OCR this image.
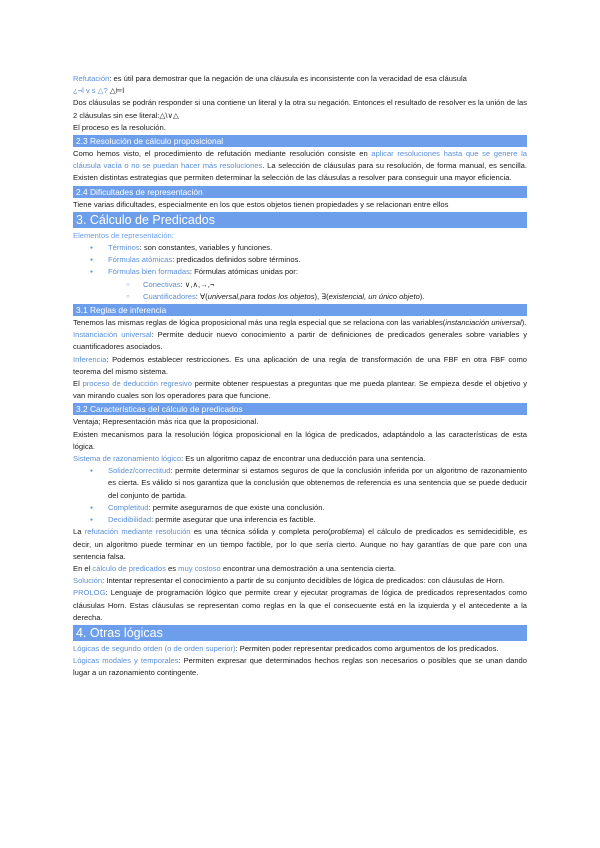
Refutación: es útil para demostrar que la negación de una cláusula es inconsistente con la veracidad de esa cláusula
¿¬l v s △? △⊨l

Dos cláusulas se podrán responder si una contiene un literal y la otra su negación. Entonces el resultado de resolver es la unión de las 2 cláusulas sin ese literal:△\∨△

El proceso es la resolución.

2.3 Resolución de cálculo proposicional

Como hemos visto, el procedimiento de refutación mediante resolución consiste en aplicar resoluciones hasta que se genere la cláusula vacía o no se puedan hacer más resoluciones. La selección de cláusulas para su resolución, de forma manual, es sencilla. Existen distintas estrategias que permiten determinar la selección de las cláusulas a resolver para conseguir una mayor eficiencia.

2.4 Dificultades de representación

Tiene varias dificultades, especialmente en los que estos objetos tienen propiedades y se relacionan entre ellos

3. Cálculo de Predicados

Elementos de representación:

● Términos: son constantes, variables y funciones.
● Fórmulas atómicas: predicados definidos sobre términos.
● Fórmulas bien formadas: Fórmulas atómicas unidas por:
○ Conectivas: ∨,∧,→,¬
○ Cuantificadores: ∀(universal,para todos los objetos), ∃(existencial, un único objeto).
3.1 Reglas de inferencia

Tenemos las mismas reglas de lógica proposicional más una regla especial que se relaciona con las variables(instanciación universal).

Instanciación universal: Permite deducir nuevo conocimiento a partir de definiciones de predicados generales sobre variables y cuantificadores asociados.

Inferencia: Podemos establecer restricciones. Es una aplicación de una regla de transformación de una FBF en otra FBF como teorema del mismo sistema.

El proceso de deducción regresivo permite obtener respuestas a preguntas que me pueda plantear. Se empieza desde el objetivo y van mirando cuales son los operadores para que funcione.

3.2 Características del cálculo de predicados

Ventaja; Representación más rica que la proposicional.

Existen mecanismos para la resolución lógica proposicional en la lógica de predicados, adaptándolo a las características de esta lógica.

Sistema de razonamiento lógico: Es un algoritmo capaz de encontrar una deducción para una sentencia.

● Solidez/correctitud: permite determinar si estamos seguros de que la conclusión inferida por un algoritmo de razonamiento es cierta. Es válido si nos garantiza que la conclusión que obtenemos de referencia es una sentencia que se puede deducir del conjunto de partida.
● Completitud: permite asegurarnos de que existe una conclusión.
● Decidibilidad: permite asegurar que una inferencia es factible.

La refutación mediante resolución es una técnica sólida y completa pero(problema) el cálculo de predicados es semidecidible, es decir, un algoritmo puede terminar en un tiempo factible, por lo que sería cierto. Aunque no hay garantías de que pare con una sentencia falsa.

En el cálculo de predicados es muy costoso encontrar una demostración a una sentencia cierta.

Solución: Intentar representar el conocimiento a partir de su conjunto decidibles de lógica de predicados: con cláusulas de Horn.

PROLOG: Lenguaje de programación lógico que permite crear y ejecutar programas de lógica de predicados representados como cláusulas Horn. Estas cláusulas se representan como reglas en la que el consecuente está en la izquierda y el antecedente a la derecha.

4. Otras lógicas

Lógicas de segundo orden (o de orden superior): Permiten poder representar predicados como argumentos de los predicados.

Lógicas modales y temporales: Permiten expresar que determinados hechos reglas son necesarios o posibles que se unan dando lugar a un razonamiento contingente.
